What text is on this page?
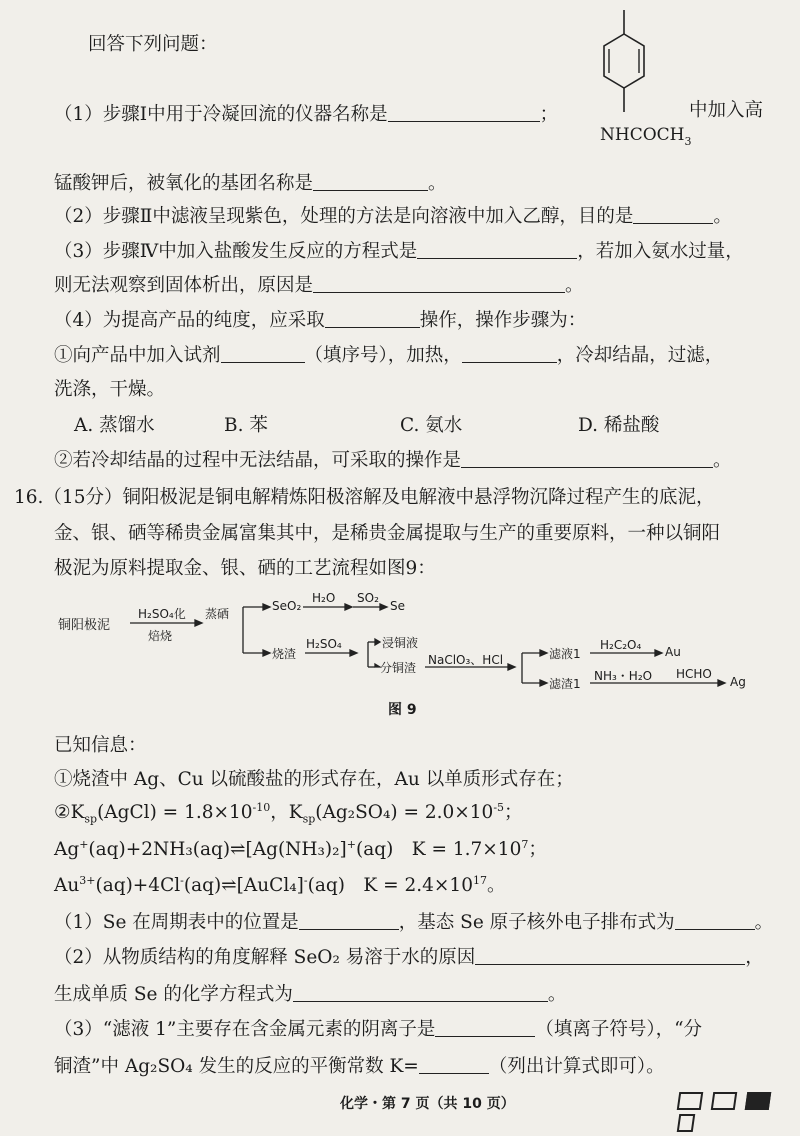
回答下列问题：
（1）步骤Ⅰ中用于冷凝回流的仪器名称是	；	中加入高
$NHCOCH_3$
锰酸钾后，被氧化的基团名称是	。
（2）步骤Ⅱ中滤液呈现紫色，处理的方法是向溶液中加入乙醇，目的是	。
（3）步骤Ⅳ中加入盐酸发生反应的方程式是	，若加入氨水过量，
则无法观察到固体析出，原因是	。
（4）为提高产品的纯度，应采取	操作，操作步骤为：
①向产品中加入试剂	（填序号），加热，	，冷却结晶，过滤，
洗涤，干燥。
A. 蒸馏水	B. 苯	C. 氨水	D. 稀盐酸
②若冷却结晶的过程中无法结晶，可采取的操作是	。
16.（15分）铜阳极泥是铜电解精炼阳极溶解及电解液中悬浮物沉降过程产生的底泥，
金、银、硒等稀贵金属富集其中，是稀贵金属提取与生产的重要原料，一种以铜阳
极泥为原料提取金、银、硒的工艺流程如图9：
铜阳极泥
H₂SO₄化
焙烧
蒸硒
SeO₂
H₂O SO₂
Se
烧渣
H₂SO₄	浸铜液
分铜渣
NaClO₃、HCl	滤液1
H₂C₂O₄ Au
滤渣1
NH₃・H₂O HCHO
Ag
图 9
已知信息：
①烧渣中 Ag、Cu 以硫酸盐的形式存在，Au 以单质形式存在；
$②K_{sp}(AgCl) = 1.8\times 10^{-10}$，$K_{sp}(Ag_2SO_4) = 2.0\times 10^{-5}$；
Ag+(aq)+2NH₃(aq)⇌[Ag(NH₃)₂]+(aq)　$K = 1.7\times 10^7$；
$Au^{3+}(aq)+4Cl^-(aq)\rightleftharpoons[AuCl_4]^-(aq)$　$K = 2.4\times 10^{17}$。
（1）Se 在周期表中的位置是	，基态 Se 原子核外电子排布式为	。
（2）从物质结构的角度解释 SeO₂ 易溶于水的原因	，
生成单质 Se 的化学方程式为	。
（3）“滤液 1”主要存在含金属元素的阴离子是	（填离子符号），“分
铜渣”中 Ag₂SO₄ 发生的反应的平衡常数 K=	（列出计算式即可）。
化学・第 7 页（共 10 页）
